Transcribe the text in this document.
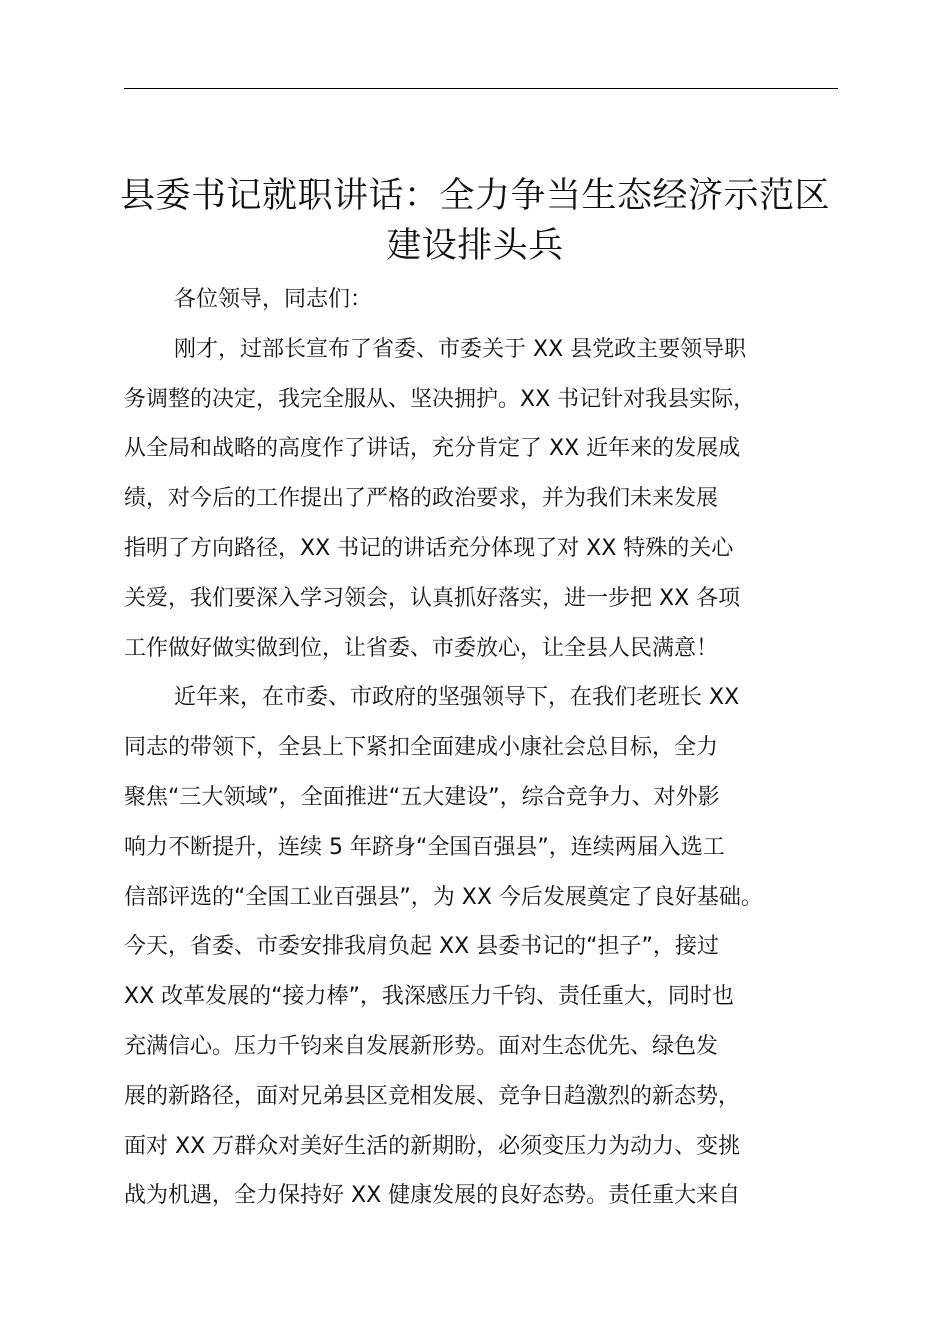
县委书记就职讲话：全力争当生态经济示范区
建设排头兵
各位领导，同志们：
刚才，过部长宣布了省委、市委关于 XX 县党政主要领导职
务调整的决定，我完全服从、坚决拥护。XX 书记针对我县实际，
从全局和战略的高度作了讲话，充分肯定了 XX 近年来的发展成
绩，对今后的工作提出了严格的政治要求，并为我们未来发展
指明了方向路径，XX 书记的讲话充分体现了对 XX 特殊的关心
关爱，我们要深入学习领会，认真抓好落实，进一步把 XX 各项
工作做好做实做到位，让省委、市委放心，让全县人民满意！
近年来，在市委、市政府的坚强领导下，在我们老班长 XX
同志的带领下，全县上下紧扣全面建成小康社会总目标，全力
聚焦“三大领域”，全面推进“五大建设”，综合竞争力、对外影
响力不断提升，连续 5 年跻身“全国百强县”，连续两届入选工
信部评选的“全国工业百强县”，为 XX 今后发展奠定了良好基础。
今天，省委、市委安排我肩负起 XX 县委书记的“担子”，接过
XX 改革发展的“接力棒”，我深感压力千钧、责任重大，同时也
充满信心。压力千钧来自发展新形势。面对生态优先、绿色发
展的新路径，面对兄弟县区竞相发展、竞争日趋激烈的新态势，
面对 XX 万群众对美好生活的新期盼，必须变压力为动力、变挑
战为机遇，全力保持好 XX 健康发展的良好态势。责任重大来自
